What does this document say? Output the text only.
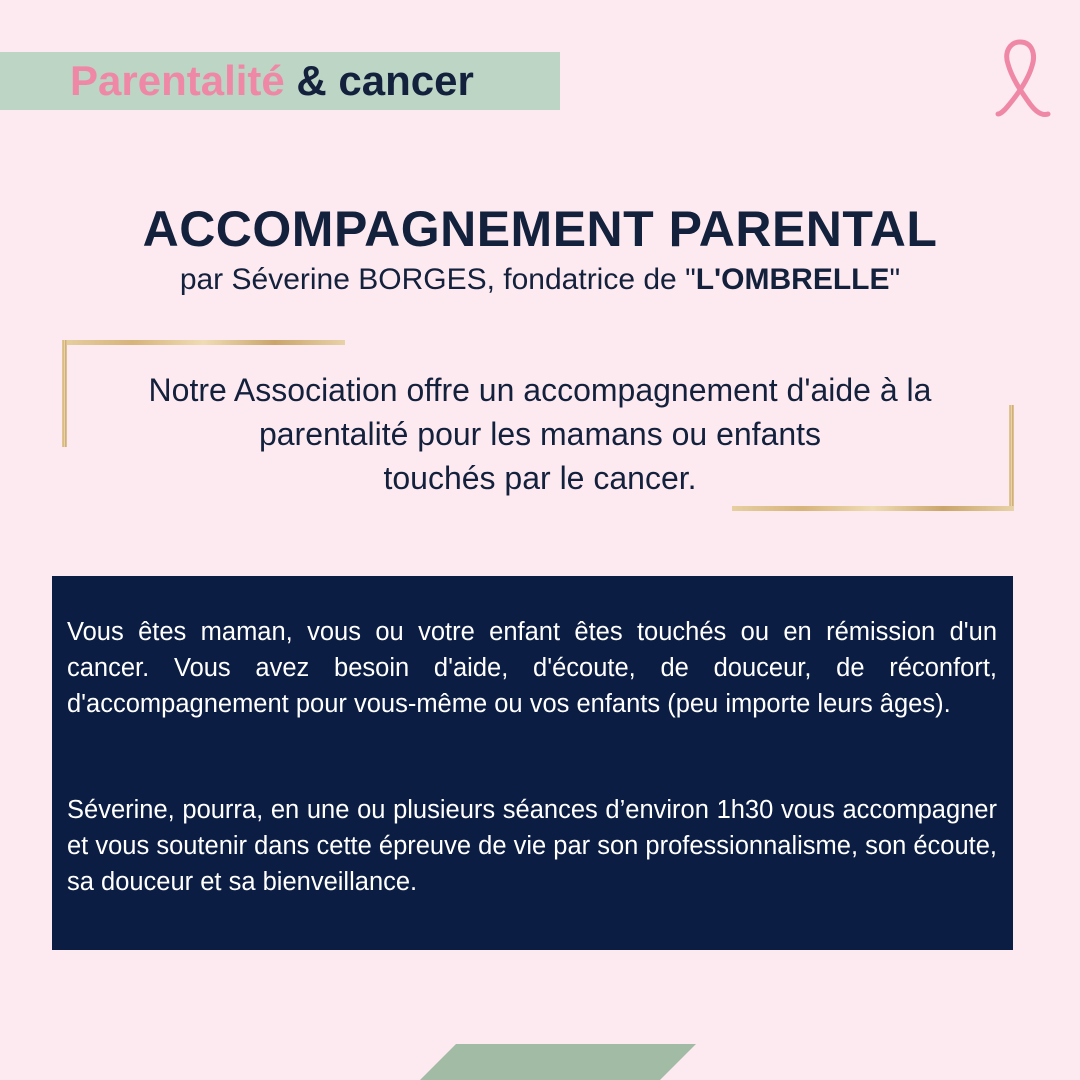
Parentalité & cancer
ACCOMPAGNEMENT PARENTAL
par Séverine BORGES, fondatrice de "L'OMBRELLE"
Notre Association offre un accompagnement d'aide à la
parentalité pour les mamans ou enfants
touchés par le cancer.
Vous êtes maman, vous ou votre enfant êtes touchés ou en rémission d'un cancer. Vous avez besoin d'aide, d'écoute, de douceur, de réconfort, d'accompagnement pour vous-même ou vos enfants (peu importe leurs âges).
Séverine, pourra, en une ou plusieurs séances d’environ 1h30 vous accompagner et vous soutenir dans cette épreuve de vie par son professionnalisme, son écoute, sa douceur et sa bienveillance.
